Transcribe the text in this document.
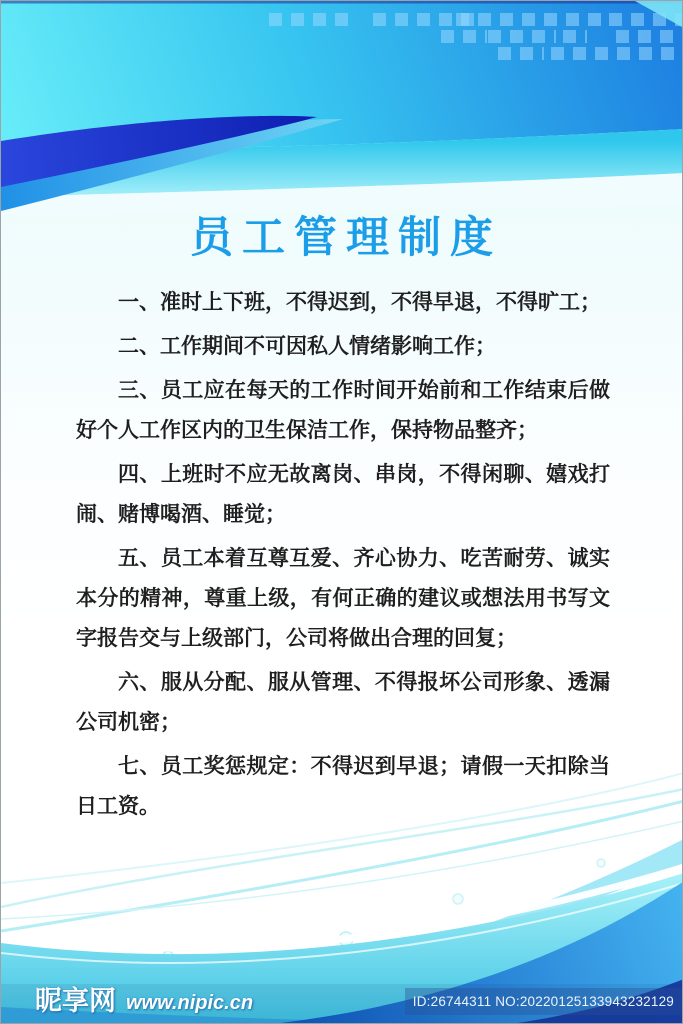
员工管理制度

一、准时上下班，不得迟到，不得早退，不得旷工；

二、工作期间不可因私人情绪影响工作；

三、员工应在每天的工作时间开始前和工作结束后做好个人工作区内的卫生保洁工作，保持物品整齐；

四、上班时不应无故离岗、串岗，不得闲聊、嬉戏打闹、赌博喝酒、睡觉；

五、员工本着互尊互爱、齐心协力、吃苦耐劳、诚实本分的精神，尊重上级，有何正确的建议或想法用书写文字报告交与上级部门，公司将做出合理的回复；

六、服从分配、服从管理、不得报坏公司形象、透漏公司机密；

七、员工奖惩规定：不得迟到早退；请假一天扣除当日工资。

昵享网 www.nipic.cn	ID:26744311 NO:20220125133943232129
